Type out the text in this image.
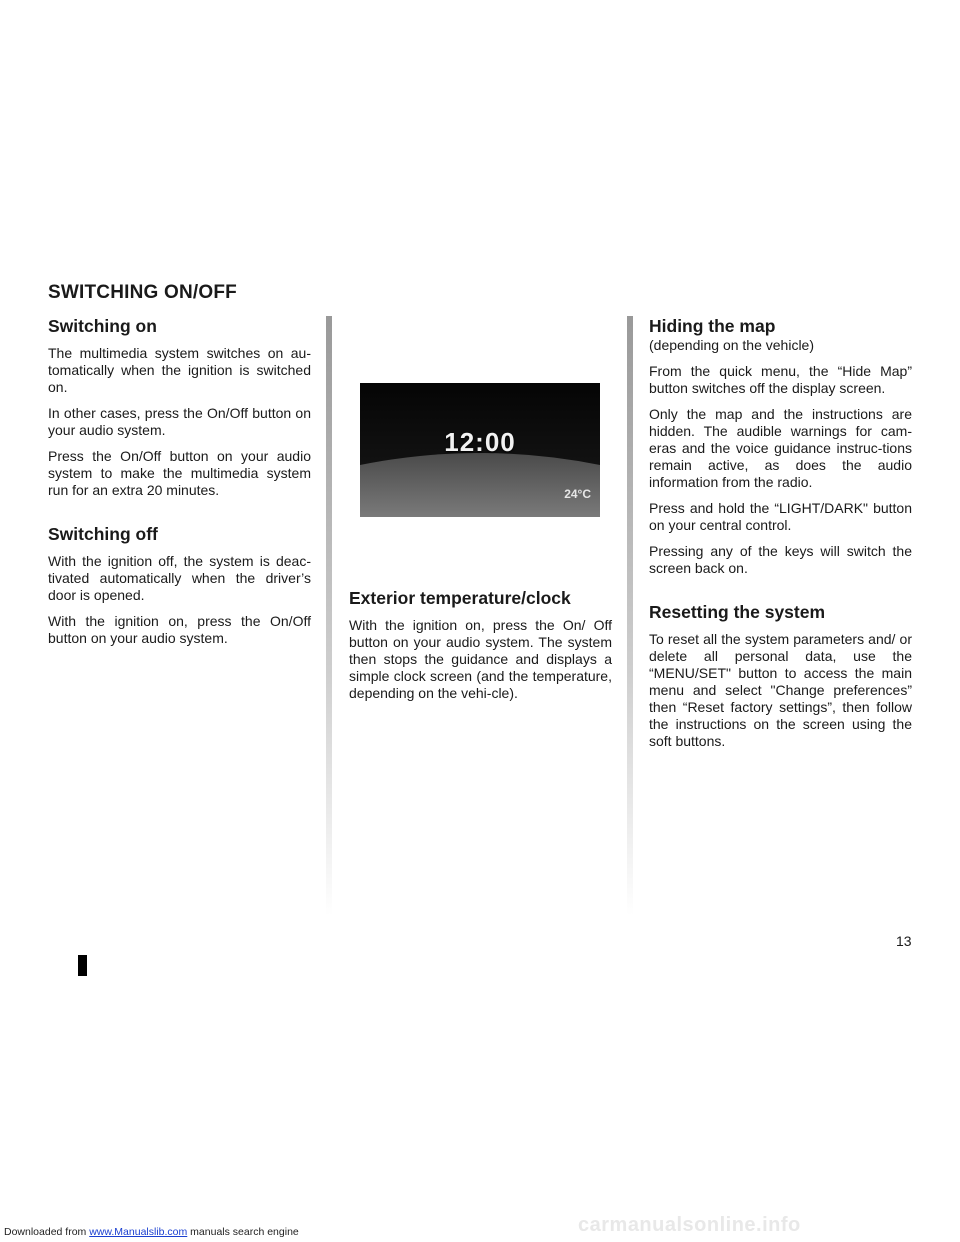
SWITCHING ON/OFF
Switching on

The multimedia system switches on au-tomatically when the ignition is switched on.

In other cases, press the On/Off button on your audio system.

Press the On/Off button on your audio system to make the multimedia system run for an extra 20 minutes.

Switching off

With the ignition off, the system is deac-tivated automatically when the driver’s door is opened.

With the ignition on, press the On/Off button on your audio system.

12:00
24°C
Exterior temperature/clock

With the ignition on, press the On/ Off button on your audio system. The system then stops the guidance and displays a simple clock screen (and the temperature, depending on the vehi-cle).

Hiding the map

(depending on the vehicle)

From the quick menu, the “Hide Map” button switches off the display screen.

Only the map and the instructions are hidden. The audible warnings for cam-eras and the voice guidance instruc-tions remain active, as does the audio information from the radio.

Press and hold the “LIGHT/DARK" button on your central control.

Pressing any of the keys will switch the screen back on.

Resetting the system

To reset all the system parameters and/ or delete all personal data, use the “MENU/SET" button to access the main menu and select "Change preferences” then “Reset factory settings”, then follow the instructions on the screen using the soft buttons.

13
Downloaded from www.Manualslib.com manuals search engine	carmanualsonline.info
